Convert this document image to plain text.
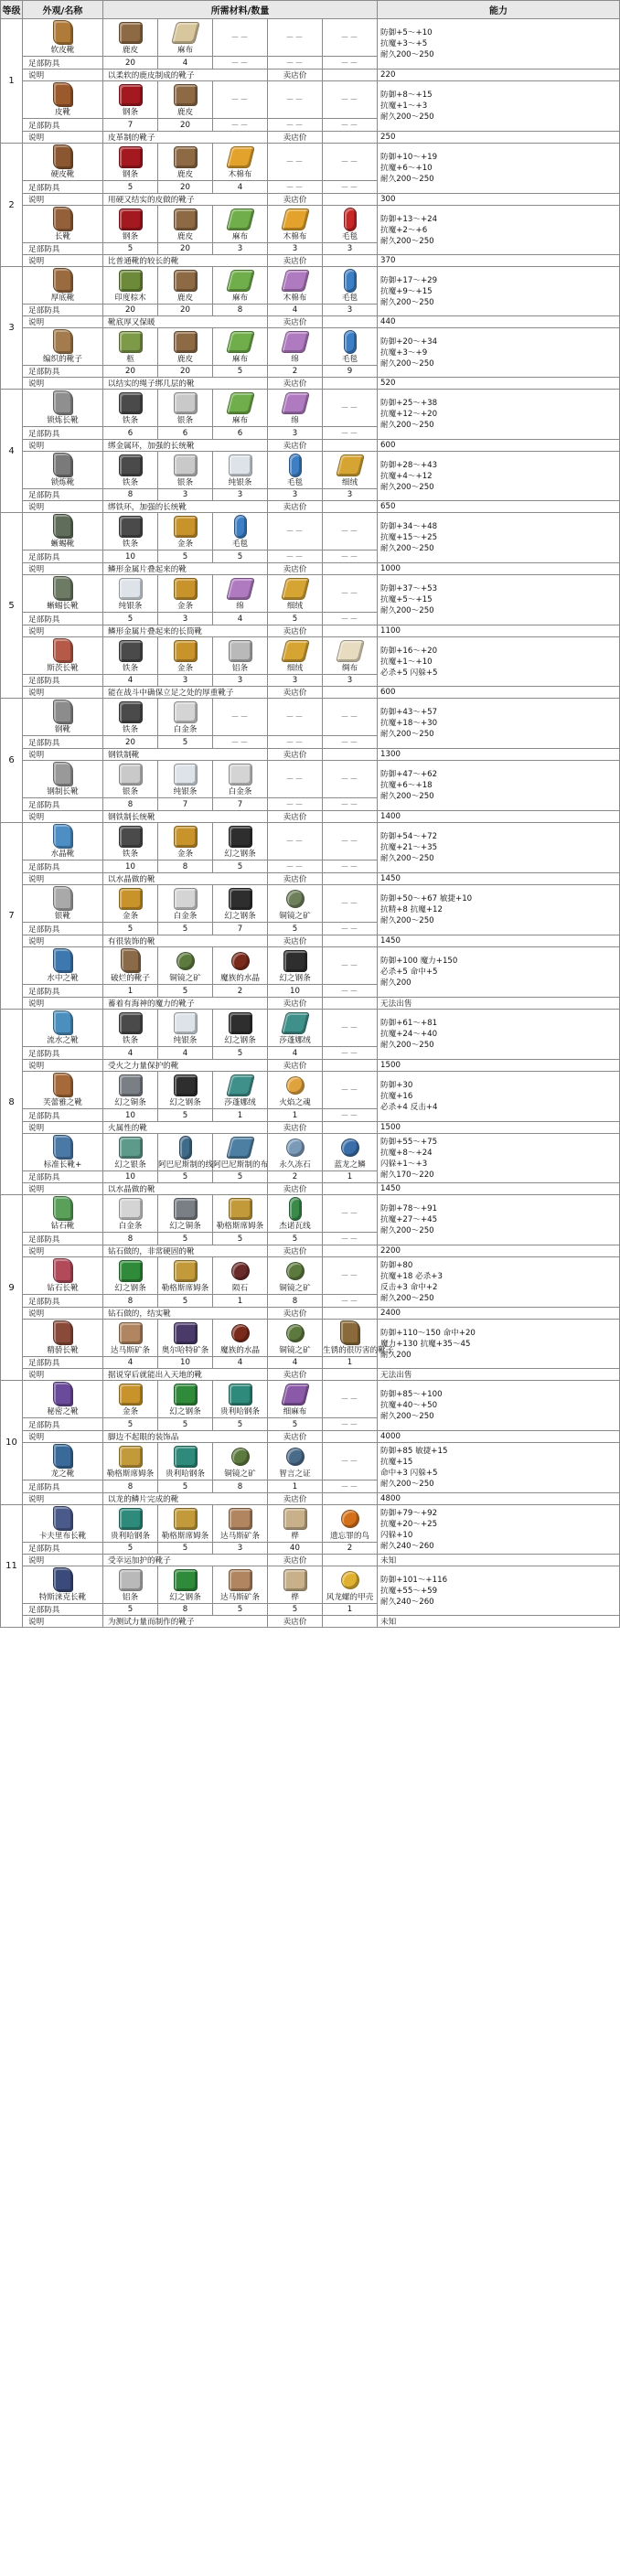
等级	外观/名称	所需材料/数量					能力
1	软皮靴	鹿皮	麻布	－－	－－	－－	防御+5～+10
抗魔+3～+5
耐久200～250

	足部防具	20	4	－－	－－	－－	
	说明	以柔软的鹿皮制成的靴子			卖店价		220

	皮靴	钢条	鹿皮	－－	－－	－－	防御+8～+15
抗魔+1～+3
耐久200～250

	足部防具	7	20	－－	－－	－－	
	说明	皮革制的靴子			卖店价		250
2	硬皮靴	钢条	鹿皮	木棉布	－－	－－	防御+10～+19
抗魔+6～+10
耐久200～250

	足部防具	5	20	4	－－	－－	
	说明	用硬又结实的皮做的靴子			卖店价		300

	长靴	钢条	鹿皮	麻布	木棉布	毛毯	防御+13～+24
抗魔+2～+6
耐久200～250

	足部防具	5	20	3	3	3	
	说明	比普通靴的较长的靴			卖店价		370
3	厚底靴	印度棕木	鹿皮	麻布	木棉布	毛毯	防御+17～+29
抗魔+9～+15
耐久200～250

	足部防具	20	20	8	4	3	
	说明	靴底厚又保暖			卖店价		440

	编织的靴子	柩	鹿皮	麻布	绵	毛毯	防御+20～+34
抗魔+3～+9
耐久200～250

	足部防具	20	20	5	2	9	
	说明	以结实的绳子绑几层的靴			卖店价		520
4	锁炼长靴	铁条	银条	麻布	绵	－－	防御+25～+38
抗魔+12～+20
耐久200～250

	足部防具	6	6	6	3	－－	
	说明	绑金属环，加强的长统靴			卖店价		600

	锁炼靴	铁条	银条	纯银条	毛毯	细绒	防御+28～+43
抗魔+4～+12
耐久200～250

	足部防具	8	3	3	3	3	
	说明	绑铁环，加强的长统靴			卖店价		650
5	蜥蜴靴	铁条	金条	毛毯	－－	－－	防御+34～+48
抗魔+15～+25
耐久200～250

	足部防具	10	5	5	－－	－－	
	说明	鳞形金属片叠起来的靴			卖店价		1000

	蜥蜴长靴	纯银条	金条	绵	细绒	－－	防御+37～+53
抗魔+5～+15
耐久200～250

	足部防具	5	3	4	5	－－	
	说明	鳞形金属片叠起来的长筒靴			卖店价		1100

	斯茨长靴	铁条	金条	铝条	细绒	绸布	防御+16～+20
抗魔+1～+10
必杀+5 闪躲+5

	足部防具	4	3	3	3	3	
	说明	能在战斗中确保立足之处的厚重靴子			卖店价		600
6	钢靴	铁条	白金条	－－	－－	－－	防御+43～+57
抗魔+18～+30
耐久200～250

	足部防具	20	5	－－	－－	－－	
	说明	钢铁制靴			卖店价		1300

	钢制长靴	银条	纯银条	白金条	－－	－－	防御+47～+62
抗魔+6～+18
耐久200～250

	足部防具	8	7	7	－－	－－	
	说明	钢铁制长统靴			卖店价		1400
7	水晶靴	铁条	金条	幻之钢条	－－	－－	防御+54～+72
抗魔+21～+35
耐久200～250

	足部防具	10	8	5	－－	－－	
	说明	以水晶做的靴			卖店价		1450

	银靴	金条	白金条	幻之钢条	铜镜之矿	－－	防御+50～+67 敏捷+10
抗精+8 抗魔+12
耐久200～250

	足部防具	5	5	7	5	－－	
	说明	有很装饰的靴			卖店价		1450

	水中之靴	破烂的靴子	铜镜之矿	魔族的水晶	幻之钢条	－－	防御+100 魔力+150
必杀+5 命中+5
耐久200

	足部防具	1	5	2	10	－－	
	说明	蓄着有海神的魔力的靴子			卖店价		无法出售
8	流水之靴	铁条	纯银条	幻之钢条	莎蓬娜绒	－－	防御+61～+81
抗魔+24～+40
耐久200～250

	足部防具	4	4	5	4	－－	
	说明	受火之力量保护的靴			卖店价		1500

	芙蕾雅之靴	幻之铜条	幻之钢条	莎蓬娜绒	火焰之魂	－－	防御+30
抗魔+16
必杀+4 反击+4

	足部防具	10	5	1	1	－－	
	说明	火属性的靴			卖店价		1500

	标准长靴+	幻之银条	阿巴尼斯制的线	阿巴尼斯制的布	永久冻石	蓝龙之鳞	防御+55～+75
抗魔+8～+24
闪躲+1～+3
耐久170～220

	足部防具	10	5	5	2	1	
	说明	以水晶做的靴			卖店价		1450
9	钻石靴	白金条	幻之铜条	勒格斯席姆条	杰诺瓦线	－－	防御+78～+91
抗魔+27～+45
耐久200～250

	足部防具	8	5	5	5	－－	
	说明	钻石做的，非常硬固的靴			卖店价		2200

	钻石长靴	幻之钢条	勒格斯席姆条	陨石	铜镜之矿	－－	防御+80
抗魔+18 必杀+3
反击+3 命中+2
耐久200～250

	足部防具	8	5	1	8	－－	
	说明	钻石做的，结实靴			卖店价		2400

	精骄长靴	达马斯矿条	奥尔哈特矿条	魔族的水晶	铜镜之矿	生锈的很厉害的靴子	防御+110～150 命中+20
魔力+130 抗魔+35～45
耐久200

	足部防具	4	10	4	4	1	
	说明	据说穿后就能出入天地的靴			卖店价		无法出售
10	秘密之靴	金条	幻之钢条	贵利哈钢条	细麻布	－－	防御+85～+100
抗魔+40～+50
耐久200～250

	足部防具	5	5	5	5	－－	
	说明	脚边不起眼的装饰品			卖店价		4000

	龙之靴	勒格斯席姆条	贵利哈钢条	铜镜之矿	智言之证	－－	防御+85 敏捷+15
抗魔+15
命中+3 闪躲+5
耐久200～250

	足部防具	8	5	8	1	－－	
	说明	以龙的鳞片完成的靴			卖店价		4800
11	卡夫里布长靴	贵利哈钢条	勒格斯席姆条	达马斯矿条	桦	遗忘罪的鸟	防御+79～+92
抗魔+20～+25
闪躲+10
耐久240～260

	足部防具	5	5	3	40	2	
	说明	受幸运加护的靴子			卖店价		未知

	特斯涞克长靴	铝条	幻之钢条	达马斯矿条	桦	风龙螺的甲壳	防御+101～+116
抗魔+55～+59
耐久240～260

	足部防具	5	8	5	5	1	
	说明	为测试力量而制作的靴子			卖店价		未知
